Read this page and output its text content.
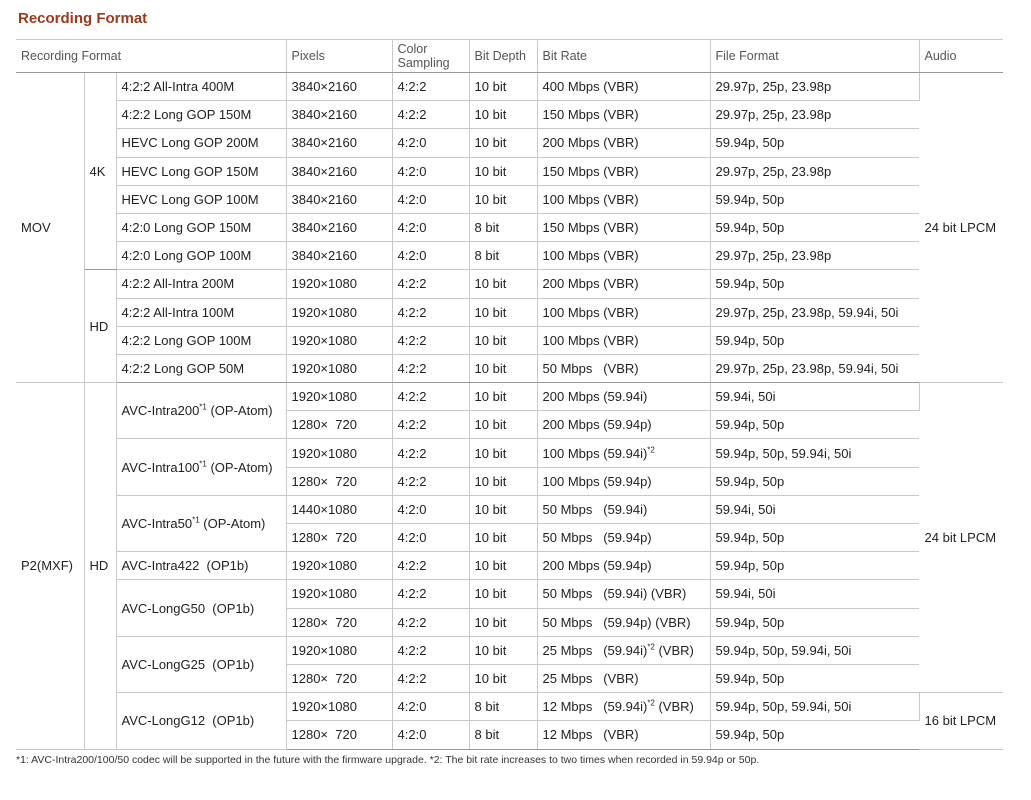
Recording Format
Recording Format			Pixels	Color Sampling	Bit Depth	Bit Rate	File Format	Audio
MOV	4K	4:2:2 All-Intra 400M	3840×2160	4:2:2	10 bit	400 Mbps (VBR)	29.97p, 25p, 23.98p	24 bit LPCM
		4:2:2 Long GOP 150M	3840×2160	4:2:2	10 bit	150 Mbps (VBR)	29.97p, 25p, 23.98p	
		HEVC Long GOP 200M	3840×2160	4:2:0	10 bit	200 Mbps (VBR)	59.94p, 50p	
		HEVC Long GOP 150M	3840×2160	4:2:0	10 bit	150 Mbps (VBR)	29.97p, 25p, 23.98p	
		HEVC Long GOP 100M	3840×2160	4:2:0	10 bit	100 Mbps (VBR)	59.94p, 50p	
		4:2:0 Long GOP 150M	3840×2160	4:2:0	8 bit	150 Mbps (VBR)	59.94p, 50p	
		4:2:0 Long GOP 100M	3840×2160	4:2:0	8 bit	100 Mbps (VBR)	29.97p, 25p, 23.98p	
	HD	4:2:2 All-Intra 200M	1920×1080	4:2:2	10 bit	200 Mbps (VBR)	59.94p, 50p	
		4:2:2 All-Intra 100M	1920×1080	4:2:2	10 bit	100 Mbps (VBR)	29.97p, 25p, 23.98p, 59.94i, 50i	
		4:2:2 Long GOP 100M	1920×1080	4:2:2	10 bit	100 Mbps (VBR)	59.94p, 50p	
		4:2:2 Long GOP 50M	1920×1080	4:2:2	10 bit	50 Mbps   (VBR)	29.97p, 25p, 23.98p, 59.94i, 50i	
P2(MXF)	HD	AVC-Intra200$^{*1}$ (OP-Atom)	1920×1080	4:2:2	10 bit	200 Mbps (59.94i)	59.94i, 50i	24 bit LPCM
			1280×  720	4:2:2	10 bit	200 Mbps (59.94p)	59.94p, 50p	
		AVC-Intra100$^{*1}$ (OP-Atom)	1920×1080	4:2:2	10 bit	100 Mbps $(59.94i)^{*2}$	59.94p, 50p, 59.94i, 50i	
			1280×  720	4:2:2	10 bit	100 Mbps (59.94p)	59.94p, 50p	
		AVC-Intra50$^{*1}$ (OP-Atom)	1440×1080	4:2:0	10 bit	50 Mbps   (59.94i)	59.94i, 50i	
			1280×  720	4:2:0	10 bit	50 Mbps   (59.94p)	59.94p, 50p	
		AVC-Intra422  (OP1b)	1920×1080	4:2:2	10 bit	200 Mbps (59.94p)	59.94p, 50p	
		AVC-LongG50  (OP1b)	1920×1080	4:2:2	10 bit	50 Mbps   (59.94i) (VBR)	59.94i, 50i	
			1280×  720	4:2:2	10 bit	50 Mbps   (59.94p) (VBR)	59.94p, 50p	
		AVC-LongG25  (OP1b)	1920×1080	4:2:2	10 bit	25 Mbps   $(59.94i)^{*2}$ (VBR)	59.94p, 50p, 59.94i, 50i	
			1280×  720	4:2:2	10 bit	25 Mbps   (VBR)	59.94p, 50p	
		AVC-LongG12  (OP1b)	1920×1080	4:2:0	8 bit	12 Mbps   $(59.94i)^{*2}$ (VBR)	59.94p, 50p, 59.94i, 50i	16 bit LPCM
			1280×  720	4:2:0	8 bit	12 Mbps   (VBR)	59.94p, 50p	
*1: AVC-Intra200/100/50 codec will be supported in the future with the firmware upgrade. *2: The bit rate increases to two times when recorded in 59.94p or 50p.
